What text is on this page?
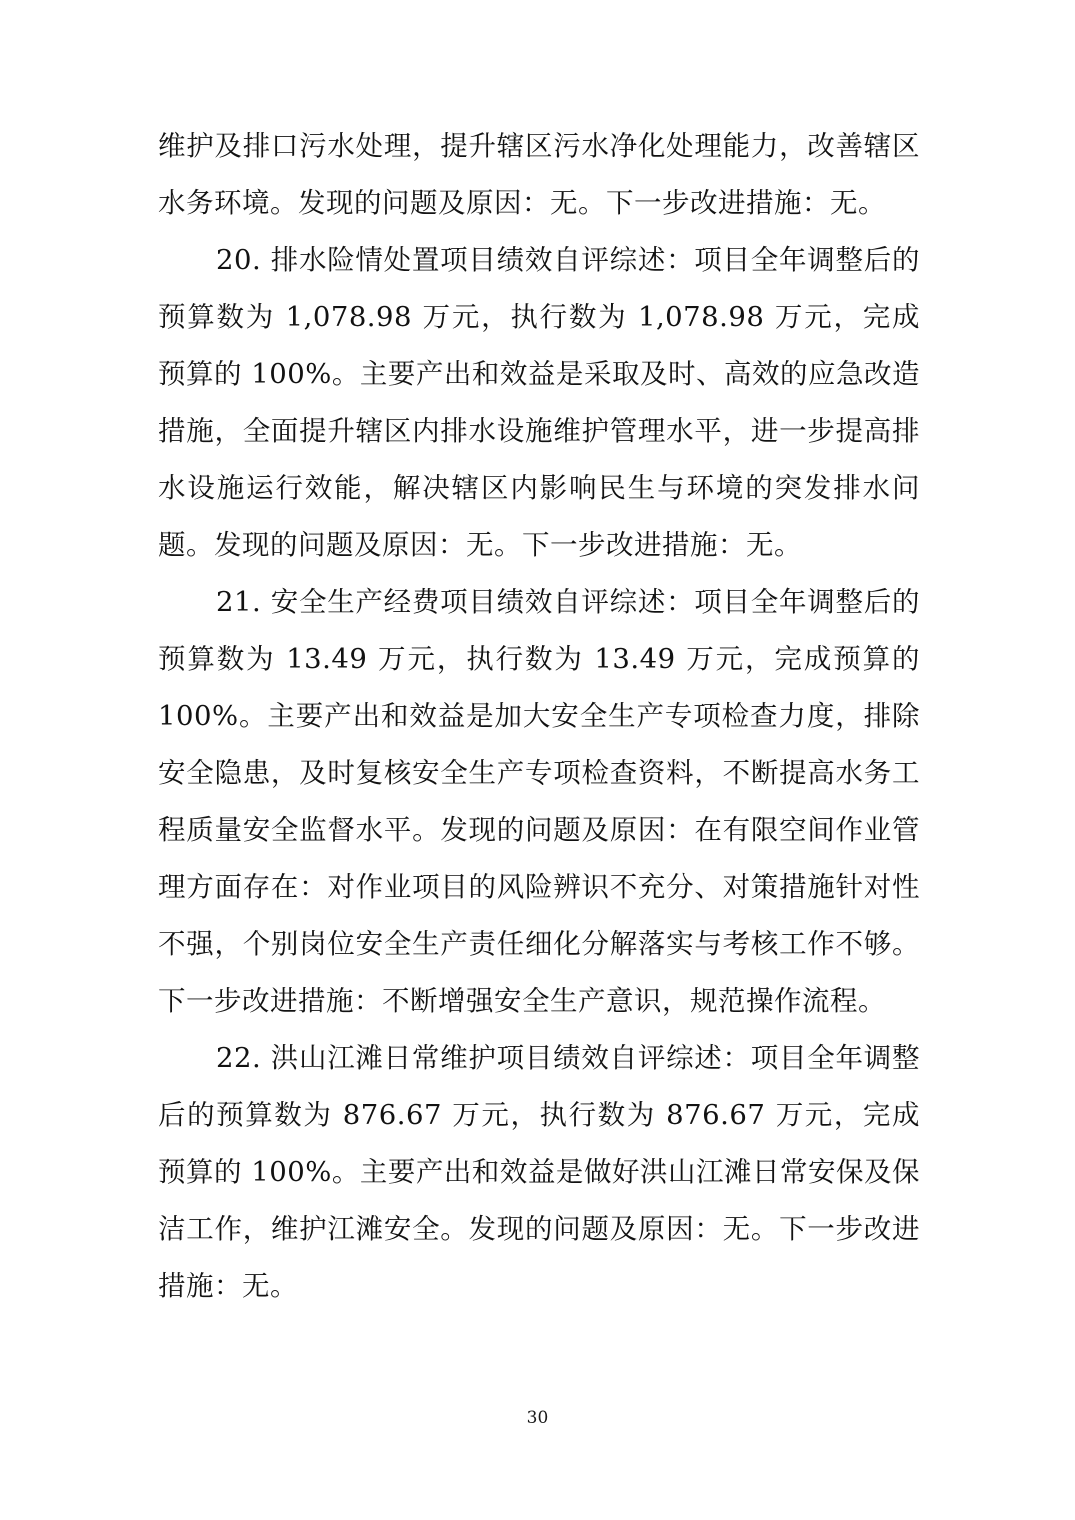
维护及排口污水处理，提升辖区污水净化处理能力，改善辖区水务环境。发现的问题及原因：无。下一步改进措施：无。

20. 排水险情处置项目绩效自评综述：项目全年调整后的预算数为 1,078.98 万元，执行数为 1,078.98 万元，完成预算的 100%。主要产出和效益是采取及时、高效的应急改造措施，全面提升辖区内排水设施维护管理水平，进一步提高排水设施运行效能，解决辖区内影响民生与环境的突发排水问题。发现的问题及原因：无。下一步改进措施：无。

21. 安全生产经费项目绩效自评综述：项目全年调整后的预算数为 13.49 万元，执行数为 13.49 万元，完成预算的 100%。主要产出和效益是加大安全生产专项检查力度，排除安全隐患，及时复核安全生产专项检查资料，不断提高水务工程质量安全监督水平。发现的问题及原因：在有限空间作业管理方面存在：对作业项目的风险辨识不充分、对策措施针对性不强，个别岗位安全生产责任细化分解落实与考核工作不够。下一步改进措施：不断增强安全生产意识，规范操作流程。

22. 洪山江滩日常维护项目绩效自评综述：项目全年调整后的预算数为 876.67 万元，执行数为 876.67 万元，完成预算的 100%。主要产出和效益是做好洪山江滩日常安保及保洁工作，维护江滩安全。发现的问题及原因：无。下一步改进措施：无。

30
